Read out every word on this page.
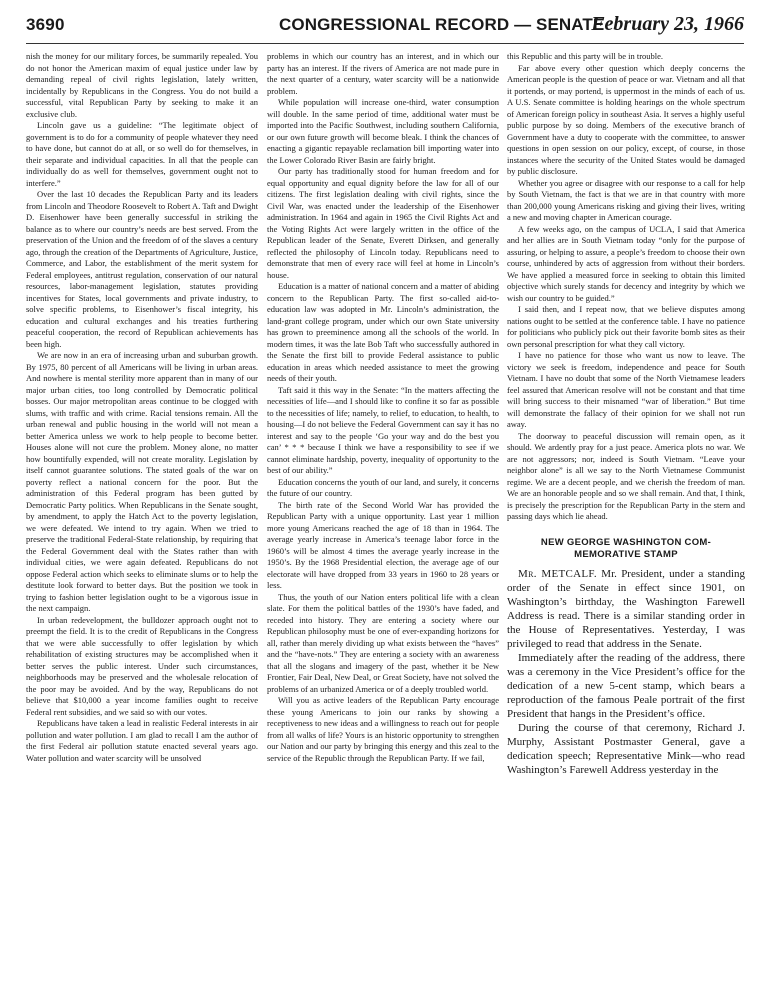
3690	CONGRESSIONAL RECORD — SENATE
February 23, 1966

nish the money for our military forces, be summarily repealed. You do not honor the American maxim of equal justice under law by demanding repeal of civil rights legislation, lately written, incidentally by Republicans in the Congress. You do not build a successful, vital Republican Party by seeking to make it an exclusive club.

Lincoln gave us a guideline: “The legitimate object of government is to do for a community of people whatever they need to have done, but cannot do at all, or so well do for themselves, in their separate and individual capacities. In all that the people can individually do as well for themselves, government ought not to interfere.”

Over the last 10 decades the Republican Party and its leaders from Lincoln and Theodore Roosevelt to Robert A. Taft and Dwight D. Eisenhower have been generally successful in striking the balance as to where our country’s needs are best served. From the preservation of the Union and the freedom of of the slaves a century ago, through the creation of the Departments of Agriculture, Justice, Commerce, and Labor, the establishment of the merit system for Federal employees, antitrust regulation, conservation of our natural resources, labor-management legislation, statutes providing incentives for States, local governments and private industry, to solve specific problems, to Eisenhower’s fiscal integrity, his education and cultural exchanges and his treaties furthering peaceful cooperation, the record of Republican achievements has been high.

We are now in an era of increasing urban and suburban growth. By 1975, 80 percent of all Americans will be living in urban areas. And nowhere is mental sterility more apparent than in many of our major urban cities, too long controlled by Democratic political bosses. Our major metropolitan areas continue to be clogged with slums, with traffic and with crime. Racial tensions remain. All the urban renewal and public housing in the world will not mean a better America unless we work to help people to become better. Houses alone will not cure the problem. Money alone, no matter how bountifully expended, will not create morality. Legislation by itself cannot guarantee solutions. The stated goals of the war on poverty reflect a national concern for the poor. But the administration of this Federal program has been gutted by Democratic Party politics. When Republicans in the Senate sought, by amendment, to apply the Hatch Act to the poverty legislation, we were defeated. We intend to try again. When we tried to preserve the traditional Federal-State relationship, by requiring that the Federal Government deal with the States rather than with individual cities, we were again defeated. Republicans do not oppose Federal action which seeks to eliminate slums or to help the destitute look forward to better days. But the position we took in trying to fashion better legislation ought to be a vigorous issue in the next campaign.

In urban redevelopment, the bulldozer approach ought not to preempt the field. It is to the credit of Republicans in the Congress that we were able successfully to offer legislation by which rehabilitation of existing structures may be accomplished when it better serves the public interest. Under such circumstances, neighborhoods may be preserved and the wholesale relocation of the poor may be avoided. And by the way, Republicans do not believe that $10,000 a year income families ought to receive Federal rent subsidies, and we said so with our votes.

Republicans have taken a lead in realistic Federal interests in air pollution and water pollution. I am glad to recall I am the author of the first Federal air pollution statute enacted several years ago. Water pollution and water scarcity will be unsolved

problems in which our country has an interest, and in which our party has an interest. If the rivers of America are not made pure in the next quarter of a century, water scarcity will be a nationwide problem.

While population will increase one-third, water consumption will double. In the same period of time, additional water must be imported into the Pacific Southwest, including southern California, or our own future growth will become bleak. I think the chances of enacting a gigantic repayable reclamation bill importing water into the Lower Colorado River Basin are fairly bright.

Our party has traditionally stood for human freedom and for equal opportunity and equal dignity before the law for all of our citizens. The first legislation dealing with civil rights, since the Civil War, was enacted under the leadership of the Eisenhower administration. In 1964 and again in 1965 the Civil Rights Act and the Voting Rights Act were largely written in the office of the Republican leader of the Senate, Everett Dirksen, and generally reflected the philosophy of Lincoln today. Republicans need to demonstrate that men of every race will feel at home in Lincoln’s house.

Education is a matter of national concern and a matter of abiding concern to the Republican Party. The first so-called aid-to-education law was adopted in Mr. Lincoln’s administration, the land-grant college program, under which our own State university has grown to preeminence among all the schools of the world. In modern times, it was the late Bob Taft who successfully authored in the Senate the first bill to provide Federal assistance to public education in areas which needed assistance to meet the growing needs of their youth.

Taft said it this way in the Senate: “In the matters affecting the necessities of life—and I should like to confine it so far as possible to the necessities of life; namely, to relief, to education, to health, to housing—I do not believe the Federal Government can say it has no interest and say to the people ‘Go your way and do the best you can’ * * * because I think we have a responsibility to see if we cannot eliminate hardship, poverty, inequality of opportunity to the best of our ability.”

Education concerns the youth of our land, and surely, it concerns the future of our country.

The birth rate of the Second World War has provided the Republican Party with a unique opportunity. Last year 1 million more young Americans reached the age of 18 than in 1964. The average yearly increase in America’s teenage labor force in the 1960’s will be almost 4 times the average yearly increase in the 1950’s. By the 1968 Presidential election, the average age of our electorate will have dropped from 33 years in 1960 to 28 years or less.

Thus, the youth of our Nation enters political life with a clean slate. For them the political battles of the 1930’s have faded, and receded into history. They are entering a society where our Republican philosophy must be one of ever-expanding horizons for all, rather than merely dividing up what exists between the “haves” and the “have-nots.” They are entering a society with an awareness that all the slogans and imagery of the past, whether it be New Frontier, Fair Deal, New Deal, or Great Society, have not solved the problems of an urbanized America or of a deeply troubled world.

Will you as active leaders of the Republican Party encourage these young Americans to join our ranks by showing a receptiveness to new ideas and a willingness to reach out for people from all walks of life? Yours is an historic opportunity to strengthen our Nation and our party by bringing this energy and this zeal to the service of the Republic through the Republican Party. If we fail,

this Republic and this party will be in trouble.

Far above every other question which deeply concerns the American people is the question of peace or war. Vietnam and all that it portends, or may portend, is uppermost in the minds of each of us. A U.S. Senate committee is holding hearings on the whole spectrum of American foreign policy in southeast Asia. It serves a highly useful public purpose by so doing. Members of the executive branch of Government have a duty to cooperate with the committee, to answer questions in open session on our policy, except, of course, in those instances where the security of the United States would be damaged by public disclosure.

Whether you agree or disagree with our response to a call for help by South Vietnam, the fact is that we are in that country with more than 200,000 young Americans risking and giving their lives, writing a new and moving chapter in American courage.

A few weeks ago, on the campus of UCLA, I said that America and her allies are in South Vietnam today “only for the purpose of assuring, or helping to assure, a people’s freedom to choose their own course, unhindered by acts of aggression from without their borders. We have applied a measured force in seeking to obtain this limited objective which surely stands for decency and integrity by which we wish our country to be guided.”

I said then, and I repeat now, that we believe disputes among nations ought to be settled at the conference table. I have no patience for politicians who publicly pick out their favorite bomb sites as their own personal prescription for what they call victory.

I have no patience for those who want us now to leave. The victory we seek is freedom, independence and peace for South Vietnam. I have no doubt that some of the North Vietnamese leaders feel assured that American resolve will not be constant and that time will bring success to their misnamed “war of liberation.” But time will demonstrate the fallacy of their opinion for we shall not run away.

The doorway to peaceful discussion will remain open, as it should. We ardently pray for a just peace. America plots no war. We are not aggressors; nor, indeed is South Vietnam. “Leave your neighbor alone” is all we say to the North Vietnamese Communist regime. We are a decent people, and we cherish the freedom of man. We are an honorable people and so we shall remain. And that, I think, is precisely the prescription for the Republican Party in the stern and passing days which lie ahead.

NEW GEORGE WASHINGTON COM-
MEMORATIVE STAMP

Mr. METCALF. Mr. President, under a standing order of the Senate in effect since 1901, on Washington’s birthday, the Washington Farewell Address is read. There is a similar standing order in the House of Representatives. Yesterday, I was privileged to read that address in the Senate.

Immediately after the reading of the address, there was a ceremony in the Vice President’s office for the dedication of a new 5-cent stamp, which bears a reproduction of the famous Peale portrait of the first President that hangs in the President’s office.

During the course of that ceremony, Richard J. Murphy, Assistant Postmaster General, gave a dedication speech; Representative Mink—who read Washington’s Farewell Address yesterday in the
